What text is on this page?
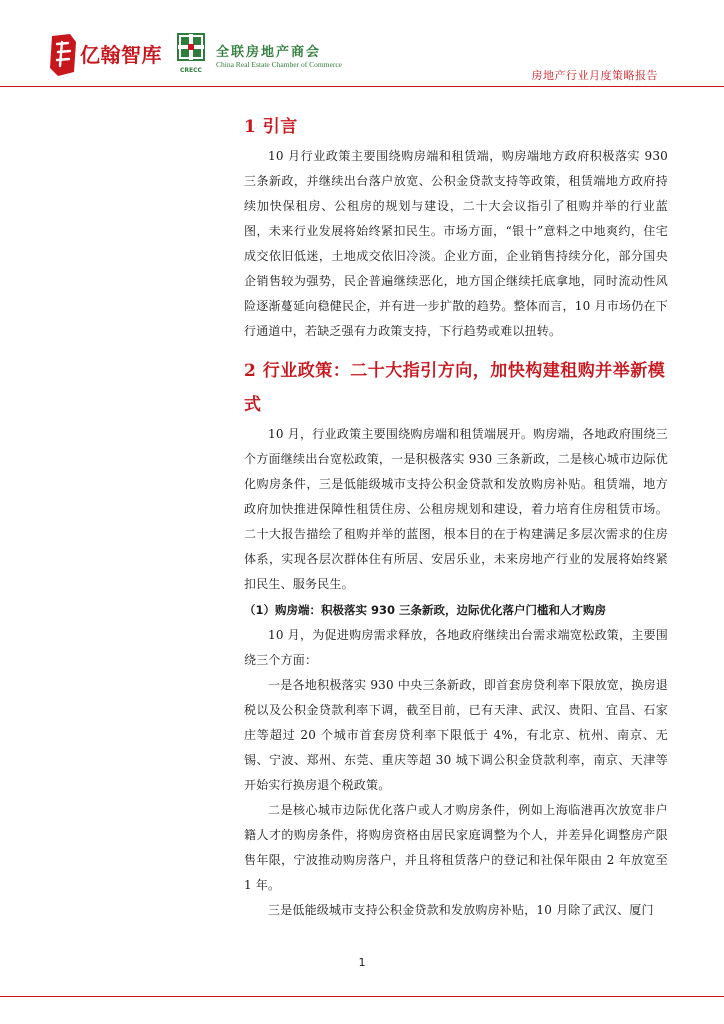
亿翰智库
CRECC
全联房地产商会
China Real Estate Chamber of Commerce
房地产行业月度策略报告
1 引言

10 月行业政策主要围绕购房端和租赁端，购房端地方政府积极落实 930 三条新政，并继续出台落户放宽、公积金贷款支持等政策，租赁端地方政府持续加快保租房、公租房的规划与建设，二十大会议指引了租购并举的行业蓝图，未来行业发展将始终紧扣民生。市场方面，“银十”意料之中地爽约，住宅成交依旧低迷，土地成交依旧冷淡。企业方面，企业销售持续分化，部分国央企销售较为强势，民企普遍继续恶化，地方国企继续托底拿地，同时流动性风险逐渐蔓延向稳健民企，并有进一步扩散的趋势。整体而言，10 月市场仍在下行通道中，若缺乏强有力政策支持，下行趋势或难以扭转。

2 行业政策：二十大指引方向，加快构建租购并举新模式

10 月，行业政策主要围绕购房端和租赁端展开。购房端，各地政府围绕三个方面继续出台宽松政策，一是积极落实 930 三条新政，二是核心城市边际优化购房条件，三是低能级城市支持公积金贷款和发放购房补贴。租赁端，地方政府加快推进保障性租赁住房、公租房规划和建设，着力培育住房租赁市场。二十大报告描绘了租购并举的蓝图，根本目的在于构建满足多层次需求的住房体系，实现各层次群体住有所居、安居乐业，未来房地产行业的发展将始终紧扣民生、服务民生。

（1）购房端：积极落实 930 三条新政，边际优化落户门槛和人才购房

10 月，为促进购房需求释放，各地政府继续出台需求端宽松政策，主要围绕三个方面：

一是各地积极落实 930 中央三条新政，即首套房贷利率下限放宽，换房退税以及公积金贷款利率下调，截至目前，已有天津、武汉、贵阳、宜昌、石家庄等超过 20 个城市首套房贷利率下限低于 4%，有北京、杭州、南京、无锡、宁波、郑州、东莞、重庆等超 30 城下调公积金贷款利率，南京、天津等开始实行换房退个税政策。

二是核心城市边际优化落户或人才购房条件，例如上海临港再次放宽非户籍人才的购房条件，将购房资格由居民家庭调整为个人，并差异化调整房产限售年限，宁波推动购房落户，并且将租赁落户的登记和社保年限由 2 年放宽至 1 年。

三是低能级城市支持公积金贷款和发放购房补贴，10 月除了武汉、厦门

1
